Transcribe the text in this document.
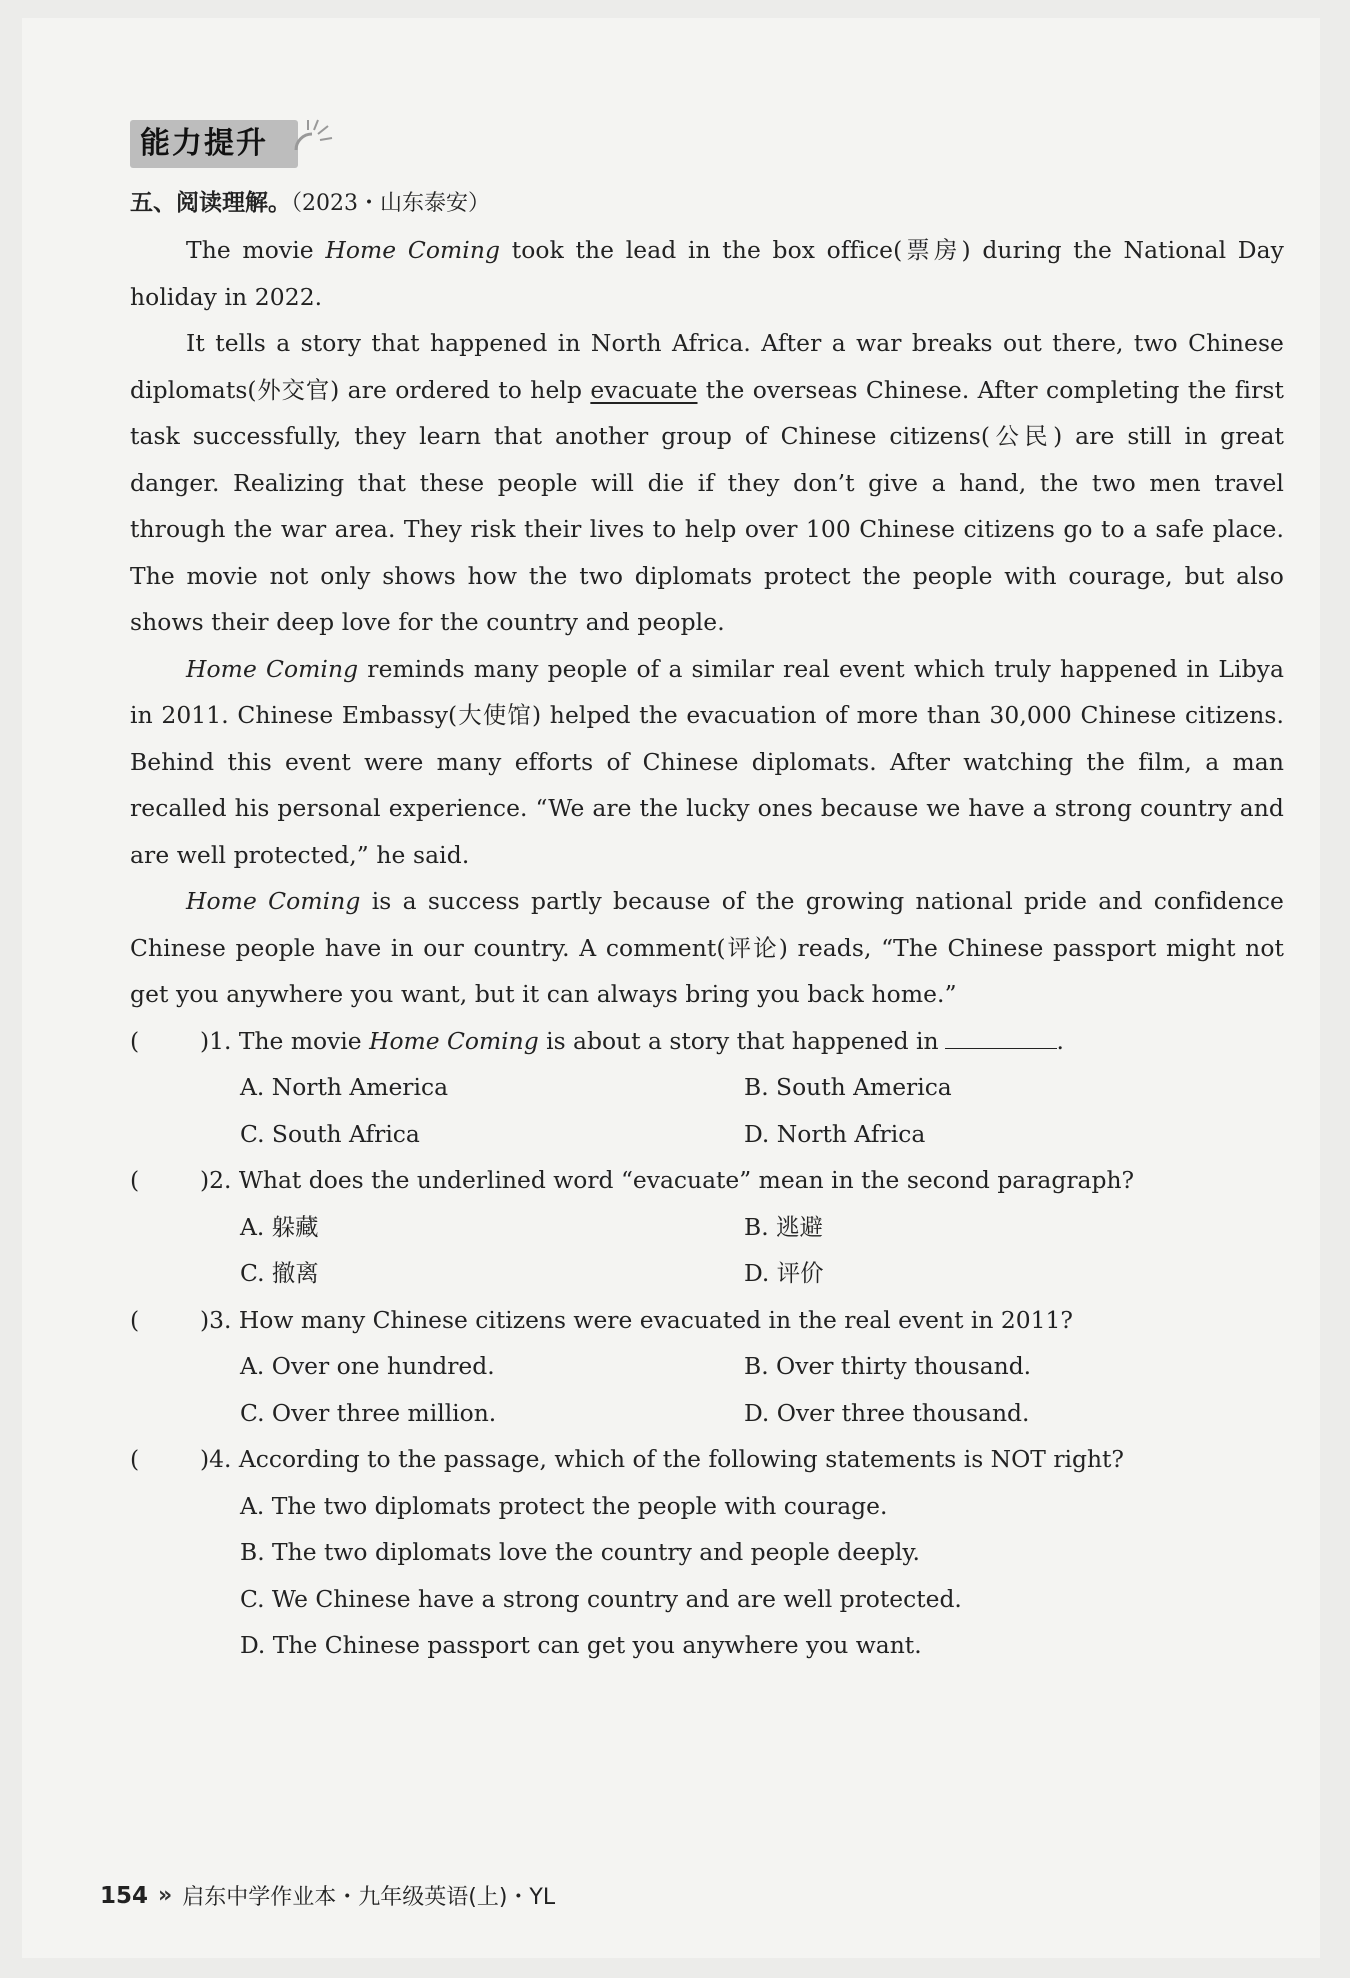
能力提升
五、阅读理解。（2023・山东泰安）

The movie Home Coming took the lead in the box office(票房) during the National Day holiday in 2022.

It tells a story that happened in North Africa. After a war breaks out there, two Chinese diplomats(外交官) are ordered to help evacuate the overseas Chinese. After completing the first task successfully, they learn that another group of Chinese citizens(公民) are still in great danger. Realizing that these people will die if they don’t give a hand, the two men travel through the war area. They risk their lives to help over 100 Chinese citizens go to a safe place. The movie not only shows how the two diplomats protect the people with courage, but also shows their deep love for the country and people.

Home Coming reminds many people of a similar real event which truly happened in Libya in 2011. Chinese Embassy(大使馆) helped the evacuation of more than 30,000 Chinese citizens. Behind this event were many efforts of Chinese diplomats. After watching the film, a man recalled his personal experience. “We are the lucky ones because we have a strong country and are well protected,” he said.

Home Coming is a success partly because of the growing national pride and confidence Chinese people have in our country. A comment(评论) reads, “The Chinese passport might not get you anywhere you want, but it can always bring you back home.”

(	)1. The movie Home Coming is about a story that happened in	.
A. North America	B. South America
C. South Africa	D. North Africa
(	)2. What does the underlined word “evacuate” mean in the second paragraph?
A. 躲藏	B. 逃避
C. 撤离	D. 评价
(	)3. How many Chinese citizens were evacuated in the real event in 2011?
A. Over one hundred.	B. Over thirty thousand.
C. Over three million.	D. Over three thousand.
(	)4. According to the passage, which of the following statements is NOT right?
A. The two diplomats protect the people with courage.
B. The two diplomats love the country and people deeply.
C. We Chinese have a strong country and are well protected.
D. The Chinese passport can get you anywhere you want.
154 » 启东中学作业本・九年级英语(上)・YL
